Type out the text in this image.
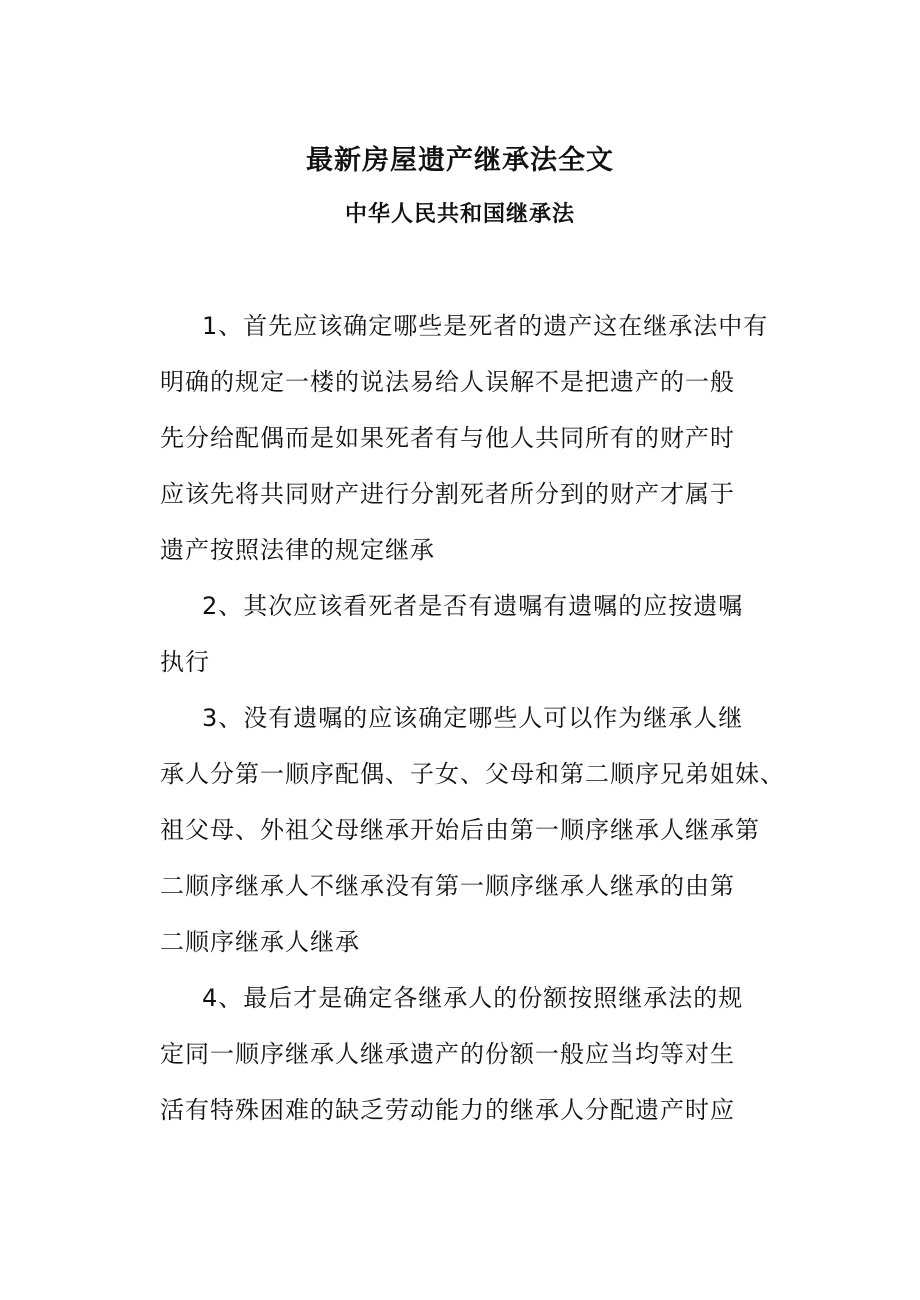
最新房屋遗产继承法全文
中华人民共和国继承法
1、首先应该确定哪些是死者的遗产这在继承法中有
明确的规定一楼的说法易给人误解不是把遗产的一般
先分给配偶而是如果死者有与他人共同所有的财产时
应该先将共同财产进行分割死者所分到的财产才属于
遗产按照法律的规定继承
2、其次应该看死者是否有遗嘱有遗嘱的应按遗嘱
执行
3、没有遗嘱的应该确定哪些人可以作为继承人继
承人分第一顺序配偶、子女、父母和第二顺序兄弟姐妹、
祖父母、外祖父母继承开始后由第一顺序继承人继承第
二顺序继承人不继承没有第一顺序继承人继承的由第
二顺序继承人继承
4、最后才是确定各继承人的份额按照继承法的规
定同一顺序继承人继承遗产的份额一般应当均等对生
活有特殊困难的缺乏劳动能力的继承人分配遗产时应
